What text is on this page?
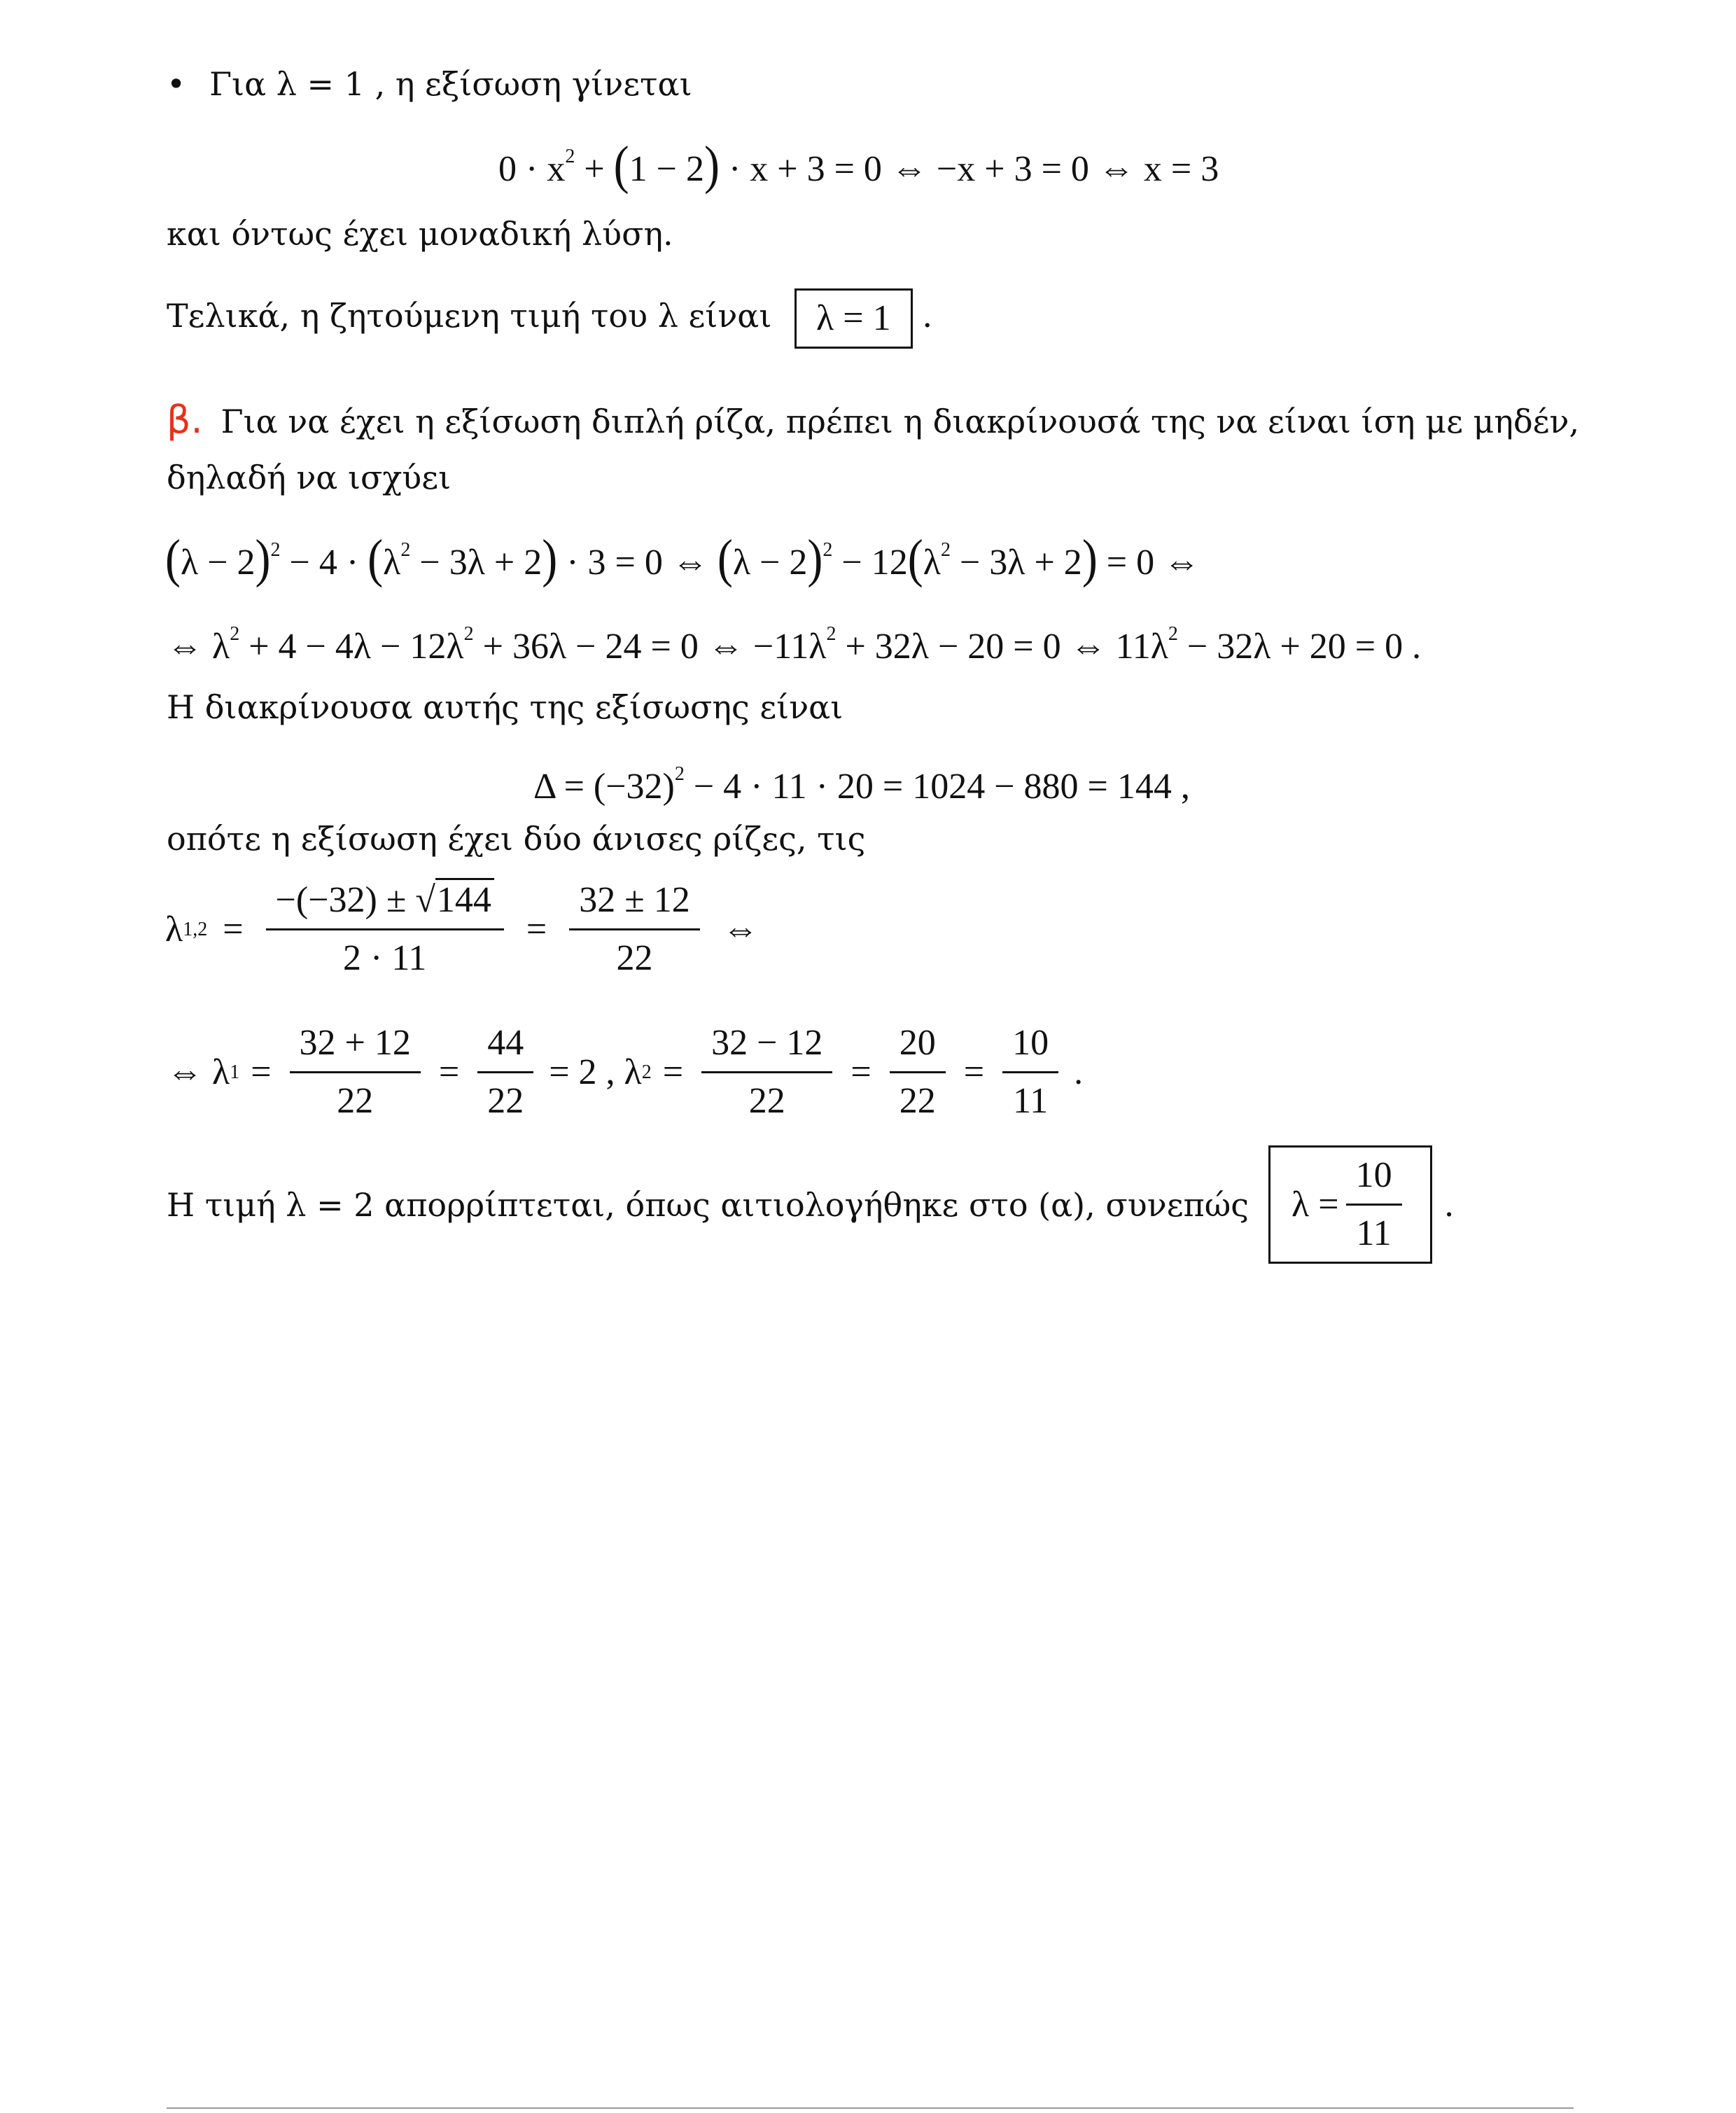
• Για λ = 1 , η εξίσωση γίνεται
$0 \cdot x^2 + (1 - 2) \cdot x + 3 = 0$ ⇔ −x + 3 = 0 ⇔ x = 3
και όντως έχει μοναδική λύση.
Τελικά, η ζητούμενη τιμή του λ είναι λ = 1 .
β. Για να έχει η εξίσωση διπλή ρίζα, πρέπει η διακρίνουσά της να είναι ίση με μηδέν,
δηλαδή να ισχύει
$(\lambda - 2)^2 - 4 \cdot (\lambda^2 - 3\lambda + 2) \cdot 3 = 0$ ⇔ $(\lambda - 2)^2 - 12(\lambda^2 - 3\lambda + 2) = 0$ ⇔
⇔ $\lambda^2 + 4 - 4\lambda - 12\lambda^2 + 36\lambda - 24 = 0$ ⇔ $-11\lambda^2 + 32\lambda - 20 = 0$ ⇔ $11\lambda^2 - 32\lambda + 20 = 0$ .
Η διακρίνουσα αυτής της εξίσωσης είναι
$\Delta = (-32)^2 - 4 \cdot 11 \cdot 20 = 1024 - 880 = 144$ ,
οπότε η εξίσωση έχει δύο άνισες ρίζες, τις
λ $1,2 = \frac{-(-32) \pm √144}{2 \cdot 11} = \frac{32 \pm 12}{22}$ ⇔
⇔ λ $1 = \frac{32 + 12}{22} = \frac{44}{22} = 2$ , λ $2 = \frac{32 - 12}{22} = \frac{20}{22} = \frac{10}{11}$ .
Η τιμή λ = 2 απορρίπτεται, όπως αιτιολογήθηκε στο (α), συνεπώς $\lambda = \frac{10}{11}$ .
